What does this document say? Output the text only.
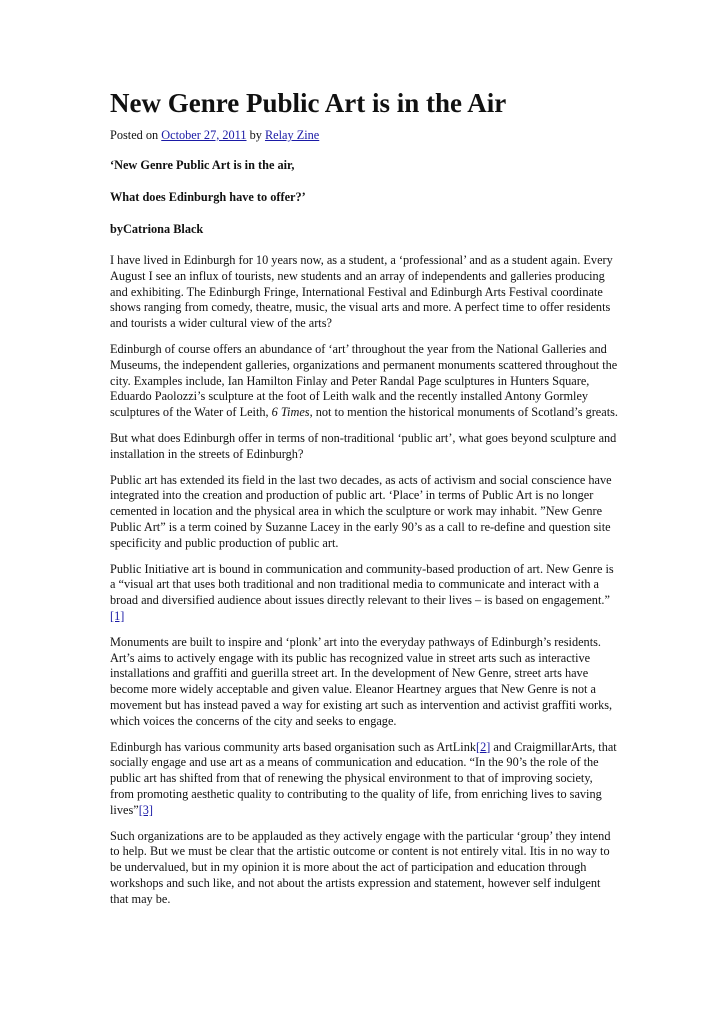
New Genre Public Art is in the Air
Posted on October 27, 2011 by Relay Zine
‘New Genre Public Art is in the air,
What does Edinburgh have to offer?’
byCatriona Black

I have lived in Edinburgh for 10 years now, as a student, a ‘professional’ and as a student again. Every August I see an influx of tourists, new students and an array of independents and galleries producing and exhibiting. The Edinburgh Fringe, International Festival and Edinburgh Arts Festival coordinate shows ranging from comedy, theatre, music, the visual arts and more. A perfect time to offer residents and tourists a wider cultural view of the arts?

Edinburgh of course offers an abundance of ‘art’ throughout the year from the National Galleries and Museums, the independent galleries, organizations and permanent monuments scattered throughout the city. Examples include, Ian Hamilton Finlay and Peter Randal Page sculptures in Hunters Square, Eduardo Paolozzi’s sculpture at the foot of Leith walk and the recently installed Antony Gormley sculptures of the Water of Leith, 6 Times, not to mention the historical monuments of Scotland’s greats.

But what does Edinburgh offer in terms of non-traditional ‘public art’, what goes beyond sculpture and installation in the streets of Edinburgh?

Public art has extended its field in the last two decades, as acts of activism and social conscience have integrated into the creation and production of public art. ‘Place’ in terms of Public Art is no longer cemented in location and the physical area in which the sculpture or work may inhabit. ”New Genre Public Art” is a term coined by Suzanne Lacey in the early 90’s as a call to re-define and question site specificity and public production of public art.

Public Initiative art is bound in communication and community-based production of art. New Genre is a “visual art that uses both traditional and non traditional media to communicate and interact with a broad and diversified audience about issues directly relevant to their lives – is based on engagement.”
[1]

Monuments are built to inspire and ‘plonk’ art into the everyday pathways of Edinburgh’s residents. Art’s aims to actively engage with its public has recognized value in street arts such as interactive installations and graffiti and guerilla street art. In the development of New Genre, street arts have become more widely acceptable and given value. Eleanor Heartney argues that New Genre is not a movement but has instead paved a way for existing art such as intervention and activist graffiti works, which voices the concerns of the city and seeks to engage.

Edinburgh has various community arts based organisation such as ArtLink[2] and CraigmillarArts, that socially engage and use art as a means of communication and education. “In the 90’s the role of the public art has shifted from that of renewing the physical environment to that of improving society, from promoting aesthetic quality to contributing to the quality of life, from enriching lives to saving lives”[3]

Such organizations are to be applauded as they actively engage with the particular ‘group’ they intend to help. But we must be clear that the artistic outcome or content is not entirely vital. Itis in no way to be undervalued, but in my opinion it is more about the act of participation and education through workshops and such like, and not about the artists expression and statement, however self indulgent that may be.
